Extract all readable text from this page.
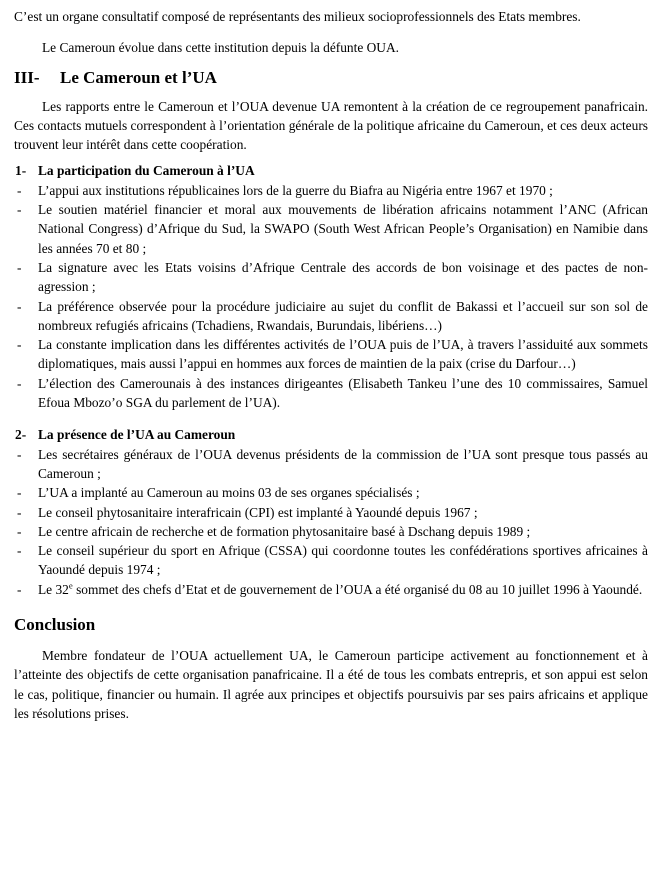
C’est un organe consultatif composé de représentants des milieux socioprofessionnels des Etats membres.

Le Cameroun évolue dans cette institution depuis la défunte OUA.

III- Le Cameroun et l’UA

Les rapports entre le Cameroun et l’OUA devenue UA remontent à la création de ce regroupement panafricain. Ces contacts mutuels correspondent à l’orientation générale de la politique africaine du Cameroun, et ces deux acteurs trouvent leur intérêt dans cette coopération.

1- La participation du Cameroun à l’UA
- L’appui aux institutions républicaines lors de la guerre du Biafra au Nigéria entre 1967 et 1970 ;
- Le soutien matériel financier et moral aux mouvements de libération africains notamment l’ANC (African National Congress) d’Afrique du Sud, la SWAPO (South West African People’s Organisation) en Namibie dans les années 70 et 80 ;
- La signature avec les Etats voisins d’Afrique Centrale des accords de bon voisinage et des pactes de non-agression ;
- La préférence observée pour la procédure judiciaire au sujet du conflit de Bakassi et l’accueil sur son sol de nombreux refugiés africains (Tchadiens, Rwandais, Burundais, libériens…)
- La constante implication dans les différentes activités de l’OUA puis de l’UA, à travers l’assiduité aux sommets diplomatiques, mais aussi l’appui en hommes aux forces de maintien de la paix (crise du Darfour…)
- L’élection des Camerounais à des instances dirigeantes (Elisabeth Tankeu l’une des 10 commissaires, Samuel Efoua Mbozo’o SGA du parlement de l’UA).
2- La présence de l’UA au Cameroun
- Les secrétaires généraux de l’OUA devenus présidents de la commission de l’UA sont presque tous passés au Cameroun ;
- L’UA a implanté au Cameroun au moins 03 de ses organes spécialisés ;
- Le conseil phytosanitaire interafricain (CPI) est implanté à Yaoundé depuis 1967 ;
- Le centre africain de recherche et de formation phytosanitaire basé à Dschang depuis 1989 ;
- Le conseil supérieur du sport en Afrique (CSSA) qui coordonne toutes les confédérations sportives africaines à Yaoundé depuis 1974 ;
- Le 32e sommet des chefs d’Etat et de gouvernement de l’OUA a été organisé du 08 au 10 juillet 1996 à Yaoundé.
Conclusion

Membre fondateur de l’OUA actuellement UA, le Cameroun participe activement au fonctionnement et à l’atteinte des objectifs de cette organisation panafricaine. Il a été de tous les combats entrepris, et son appui est selon le cas, politique, financier ou humain. Il agrée aux principes et objectifs poursuivis par ses pairs africains et applique les résolutions prises.
